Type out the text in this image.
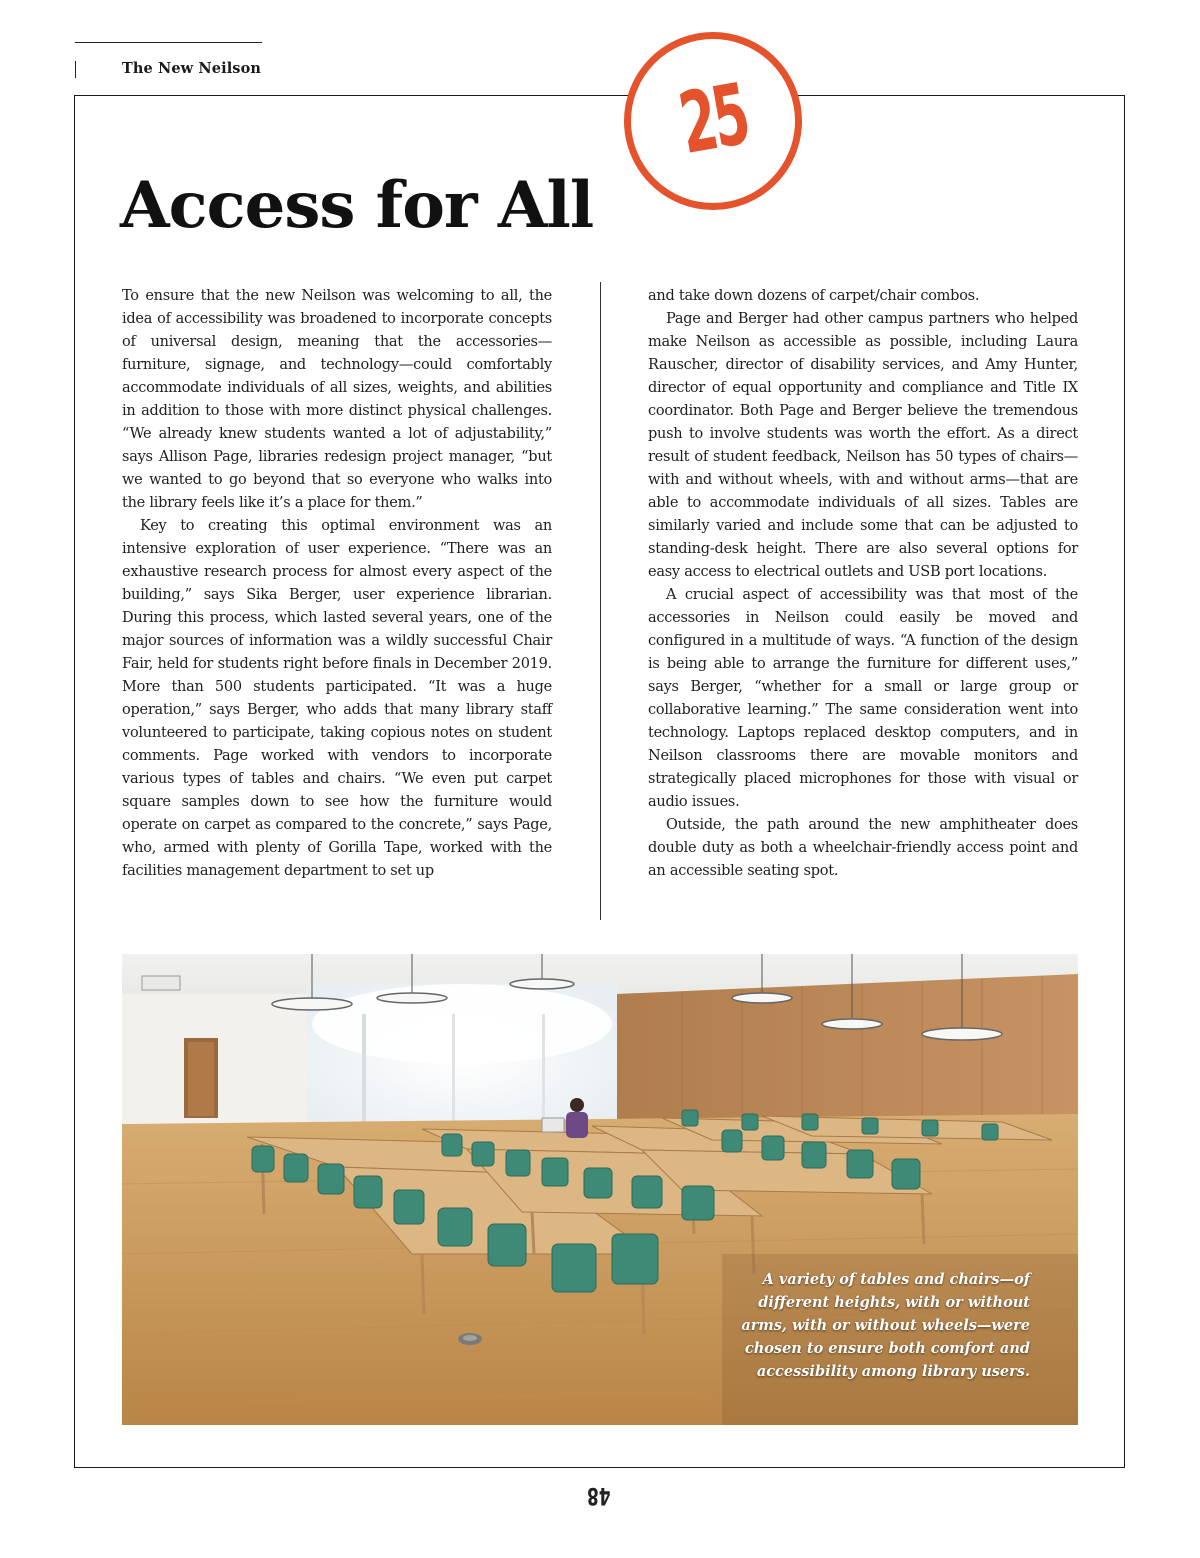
The New Neilson	25
Access for All

To ensure that the new Neilson was welcoming to all, the idea of accessibility was broadened to incorporate concepts of universal design, meaning that the accessories—furniture, signage, and technology—could comfortably accommodate individuals of all sizes, weights, and abilities in addition to those with more distinct physical challenges. “We already knew students wanted a lot of adjustability,” says Allison Page, libraries redesign project manager, “but we wanted to go beyond that so everyone who walks into the library feels like it’s a place for them.”

Key to creating this optimal environment was an intensive exploration of user experience. “There was an exhaustive research process for almost every aspect of the building,” says Sika Berger, user experience librarian. During this process, which lasted several years, one of the major sources of information was a wildly successful Chair Fair, held for students right before finals in December 2019. More than 500 students participated. “It was a huge operation,” says Berger, who adds that many library staff volunteered to participate, taking copious notes on student comments. Page worked with vendors to incorporate various types of tables and chairs. “We even put carpet square samples down to see how the furniture would operate on carpet as compared to the concrete,” says Page, who, armed with plenty of Gorilla Tape, worked with the facilities management department to set up

and take down dozens of carpet/chair combos.

Page and Berger had other campus partners who helped make Neilson as accessible as possible, including Laura Rauscher, director of disability services, and Amy Hunter, director of equal opportunity and compliance and Title IX coordinator. Both Page and Berger believe the tremendous push to involve students was worth the effort. As a direct result of student feedback, Neilson has 50 types of chairs—with and without wheels, with and without arms—that are able to accommodate individuals of all sizes. Tables are similarly varied and include some that can be adjusted to standing-desk height. There are also several options for easy access to electrical outlets and USB port locations.

A crucial aspect of accessibility was that most of the accessories in Neilson could easily be moved and configured in a multitude of ways. “A function of the design is being able to arrange the furniture for different uses,” says Berger, “whether for a small or large group or collaborative learning.” The same consideration went into technology. Laptops replaced desktop computers, and in Neilson classrooms there are movable monitors and strategically placed microphones for those with visual or audio issues.

Outside, the path around the new amphitheater does double duty as both a wheelchair-friendly access point and an accessible seating spot.

A variety of tables and chairs—of different heights, with or without arms, with or without wheels—were chosen to ensure both comfort and accessibility among library users.
48
